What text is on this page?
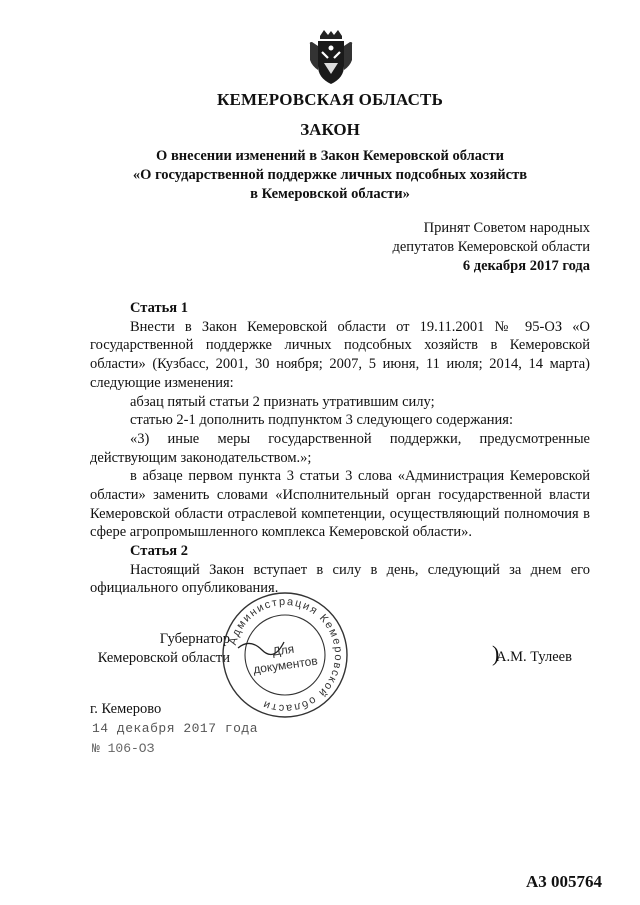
КЕМЕРОВСКАЯ ОБЛАСТЬ
ЗАКОН
О внесении изменений в Закон Кемеровской области
«О государственной поддержке личных подсобных хозяйств
в Кемеровской области»
Принят Советом народных
депутатов Кемеровской области
6 декабря 2017 года

Статья 1

Внести в Закон Кемеровской области от 19.11.2001 № 95-ОЗ «О государственной поддержке личных подсобных хозяйств в Кемеровской области» (Кузбасс, 2001, 30 ноября; 2007, 5 июня, 11 июля; 2014, 14 марта) следующие изменения:

абзац пятый статьи 2 признать утратившим силу;

статью 2-1 дополнить подпунктом 3 следующего содержания:

«3) иные меры государственной поддержки, предусмотренные действующим законодательством.»;

в абзаце первом пункта 3 статьи 3 слова «Администрация Кемеровской области» заменить словами «Исполнительный орган государственной власти Кемеровской области отраслевой компетенции, осуществляющий полномочия в сфере агропромышленного комплекса Кемеровской области».

Статья 2

Настоящий Закон вступает в силу в день, следующий за днем его официального опубликования.

Губернатор
Кемеровской области
Администрация Кемеровской области
Для
документов	)
А.М. Тулеев
г. Кемерово
14 декабря 2017 года
№ 106-ОЗ
А3 005764
